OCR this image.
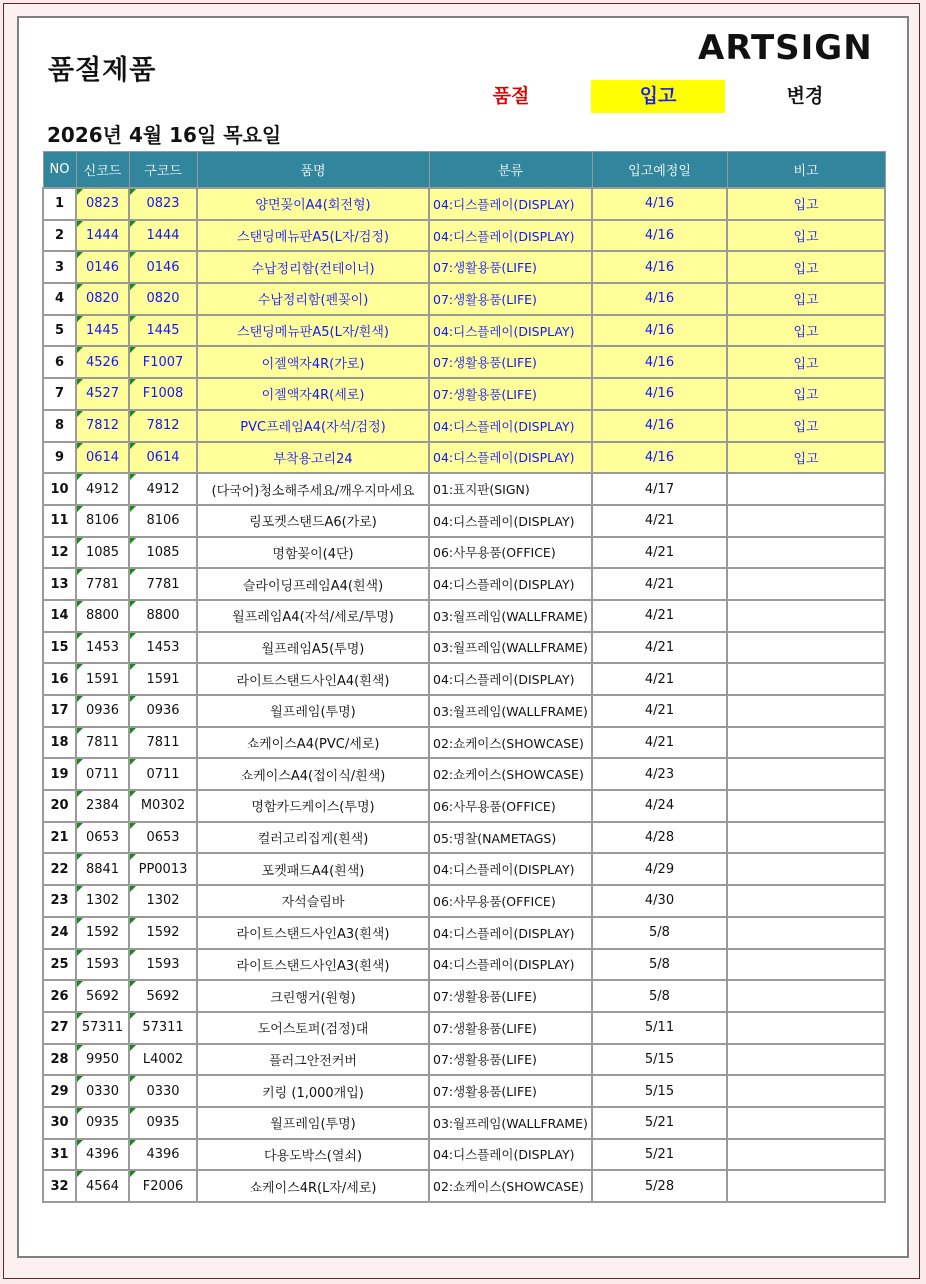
품절제품
ARTSIGN
품절	입고	변경
2026년 4월 16일 목요일
NO	신코드	구코드	품명	분류	입고예정일	비고
1	0823	0823	양면꽂이A4(회전형)	04:디스플레이(DISPLAY)	4/16	입고
2	1444	1444	스탠딩메뉴판A5(L자/검정)	04:디스플레이(DISPLAY)	4/16	입고
3	0146	0146	수납정리함(컨테이너)	07:생활용품(LIFE)	4/16	입고
4	0820	0820	수납정리함(펜꽂이)	07:생활용품(LIFE)	4/16	입고
5	1445	1445	스탠딩메뉴판A5(L자/흰색)	04:디스플레이(DISPLAY)	4/16	입고
6	4526	F1007	이젤액자4R(가로)	07:생활용품(LIFE)	4/16	입고
7	4527	F1008	이젤액자4R(세로)	07:생활용품(LIFE)	4/16	입고
8	7812	7812	PVC프레임A4(자석/검정)	04:디스플레이(DISPLAY)	4/16	입고
9	0614	0614	부착용고리24	04:디스플레이(DISPLAY)	4/16	입고
10	4912	4912	(다국어)청소해주세요/깨우지마세요	01:표지판(SIGN)	4/17	
11	8106	8106	링포켓스탠드A6(가로)	04:디스플레이(DISPLAY)	4/21	
12	1085	1085	명함꽂이(4단)	06:사무용품(OFFICE)	4/21	
13	7781	7781	슬라이딩프레임A4(흰색)	04:디스플레이(DISPLAY)	4/21	
14	8800	8800	월프레임A4(자석/세로/투명)	03:월프레임(WALLFRAME)	4/21	
15	1453	1453	월프레임A5(투명)	03:월프레임(WALLFRAME)	4/21	
16	1591	1591	라이트스탠드사인A4(흰색)	04:디스플레이(DISPLAY)	4/21	
17	0936	0936	월프레임(투명)	03:월프레임(WALLFRAME)	4/21	
18	7811	7811	쇼케이스A4(PVC/세로)	02:쇼케이스(SHOWCASE)	4/21	
19	0711	0711	쇼케이스A4(접이식/흰색)	02:쇼케이스(SHOWCASE)	4/23	
20	2384	M0302	명함카드케이스(투명)	06:사무용품(OFFICE)	4/24	
21	0653	0653	컬러고리집게(흰색)	05:명찰(NAMETAGS)	4/28	
22	8841	PP0013	포켓패드A4(흰색)	04:디스플레이(DISPLAY)	4/29	
23	1302	1302	자석슬림바	06:사무용품(OFFICE)	4/30	
24	1592	1592	라이트스탠드사인A3(흰색)	04:디스플레이(DISPLAY)	5/8	
25	1593	1593	라이트스탠드사인A3(흰색)	04:디스플레이(DISPLAY)	5/8	
26	5692	5692	크린행거(원형)	07:생활용품(LIFE)	5/8	
27	57311	57311	도어스토퍼(검정)대	07:생활용품(LIFE)	5/11	
28	9950	L4002	플러그안전커버	07:생활용품(LIFE)	5/15	
29	0330	0330	키링 (1,000개입)	07:생활용품(LIFE)	5/15	
30	0935	0935	월프레임(투명)	03:월프레임(WALLFRAME)	5/21	
31	4396	4396	다용도박스(열쇠)	04:디스플레이(DISPLAY)	5/21	
32	4564	F2006	쇼케이스4R(L자/세로)	02:쇼케이스(SHOWCASE)	5/28	
